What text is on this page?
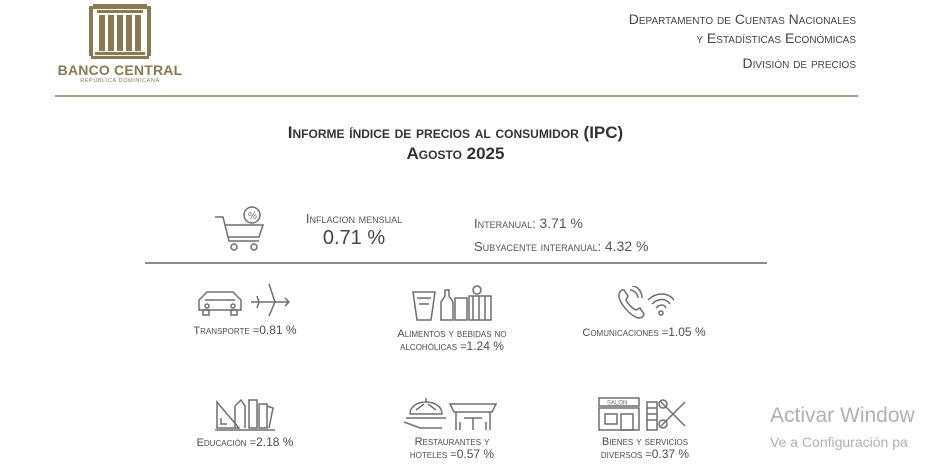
BANCO CENTRAL
REPÚBLICA DOMINICANA
Departamento de Cuentas Nacionales
y Estadísticas Económicas
División de precios
Informe índice de precios al consumidor (IPC)
Agosto 2025
%	Inflacion mensual
0.71 %
Interanual: 3.71 %
Subyacente interanual: 4.32 %
Transporte =0.81 %	Alimentos y bebidas no
alcohólicas =1.24 %
Comunicaciones =1.05 %
Educación =2.18 %	Restaurantes y
hoteles =0.57 %
SALON
Bienes y servicios
diversos =0.37 %
Activar Window
Ve a Configuración pa
